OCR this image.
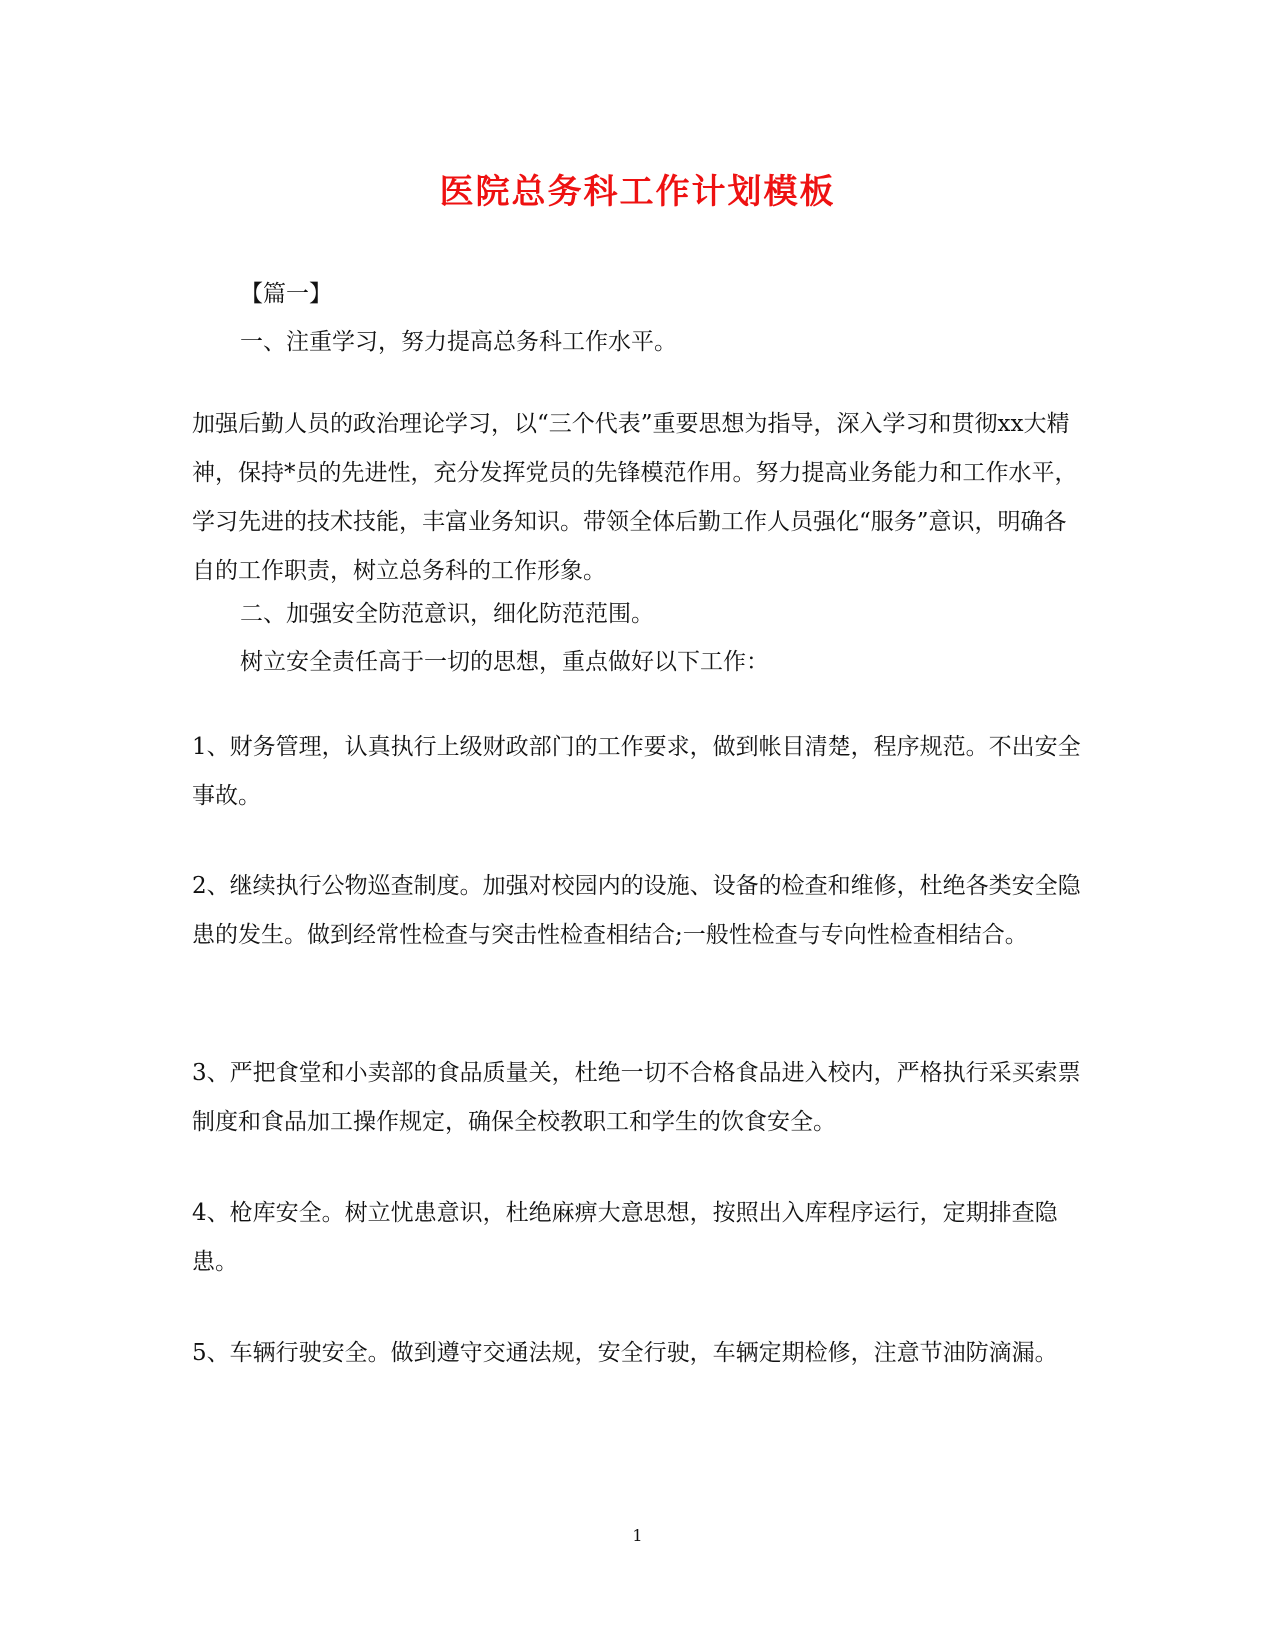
医院总务科工作计划模板

【篇一】

一、注重学习，努力提高总务科工作水平。

加强后勤人员的政治理论学习，以“三个代表”重要思想为指导，深入学习和贯彻xx大精神，保持*员的先进性，充分发挥党员的先锋模范作用。努力提高业务能力和工作水平，学习先进的技术技能，丰富业务知识。带领全体后勤工作人员强化“服务”意识，明确各自的工作职责，树立总务科的工作形象。

二、加强安全防范意识，细化防范范围。

树立安全责任高于一切的思想，重点做好以下工作：

1、财务管理，认真执行上级财政部门的工作要求，做到帐目清楚，程序规范。不出安全事故。

2、继续执行公物巡查制度。加强对校园内的设施、设备的检查和维修，杜绝各类安全隐患的发生。做到经常性检查与突击性检查相结合;一般性检查与专向性检查相结合。

3、严把食堂和小卖部的食品质量关，杜绝一切不合格食品进入校内，严格执行采买索票制度和食品加工操作规定，确保全校教职工和学生的饮食安全。

4、枪库安全。树立忧患意识，杜绝麻痹大意思想，按照出入库程序运行，定期排查隐患。

5、车辆行驶安全。做到遵守交通法规，安全行驶，车辆定期检修，注意节油防滴漏。

1
